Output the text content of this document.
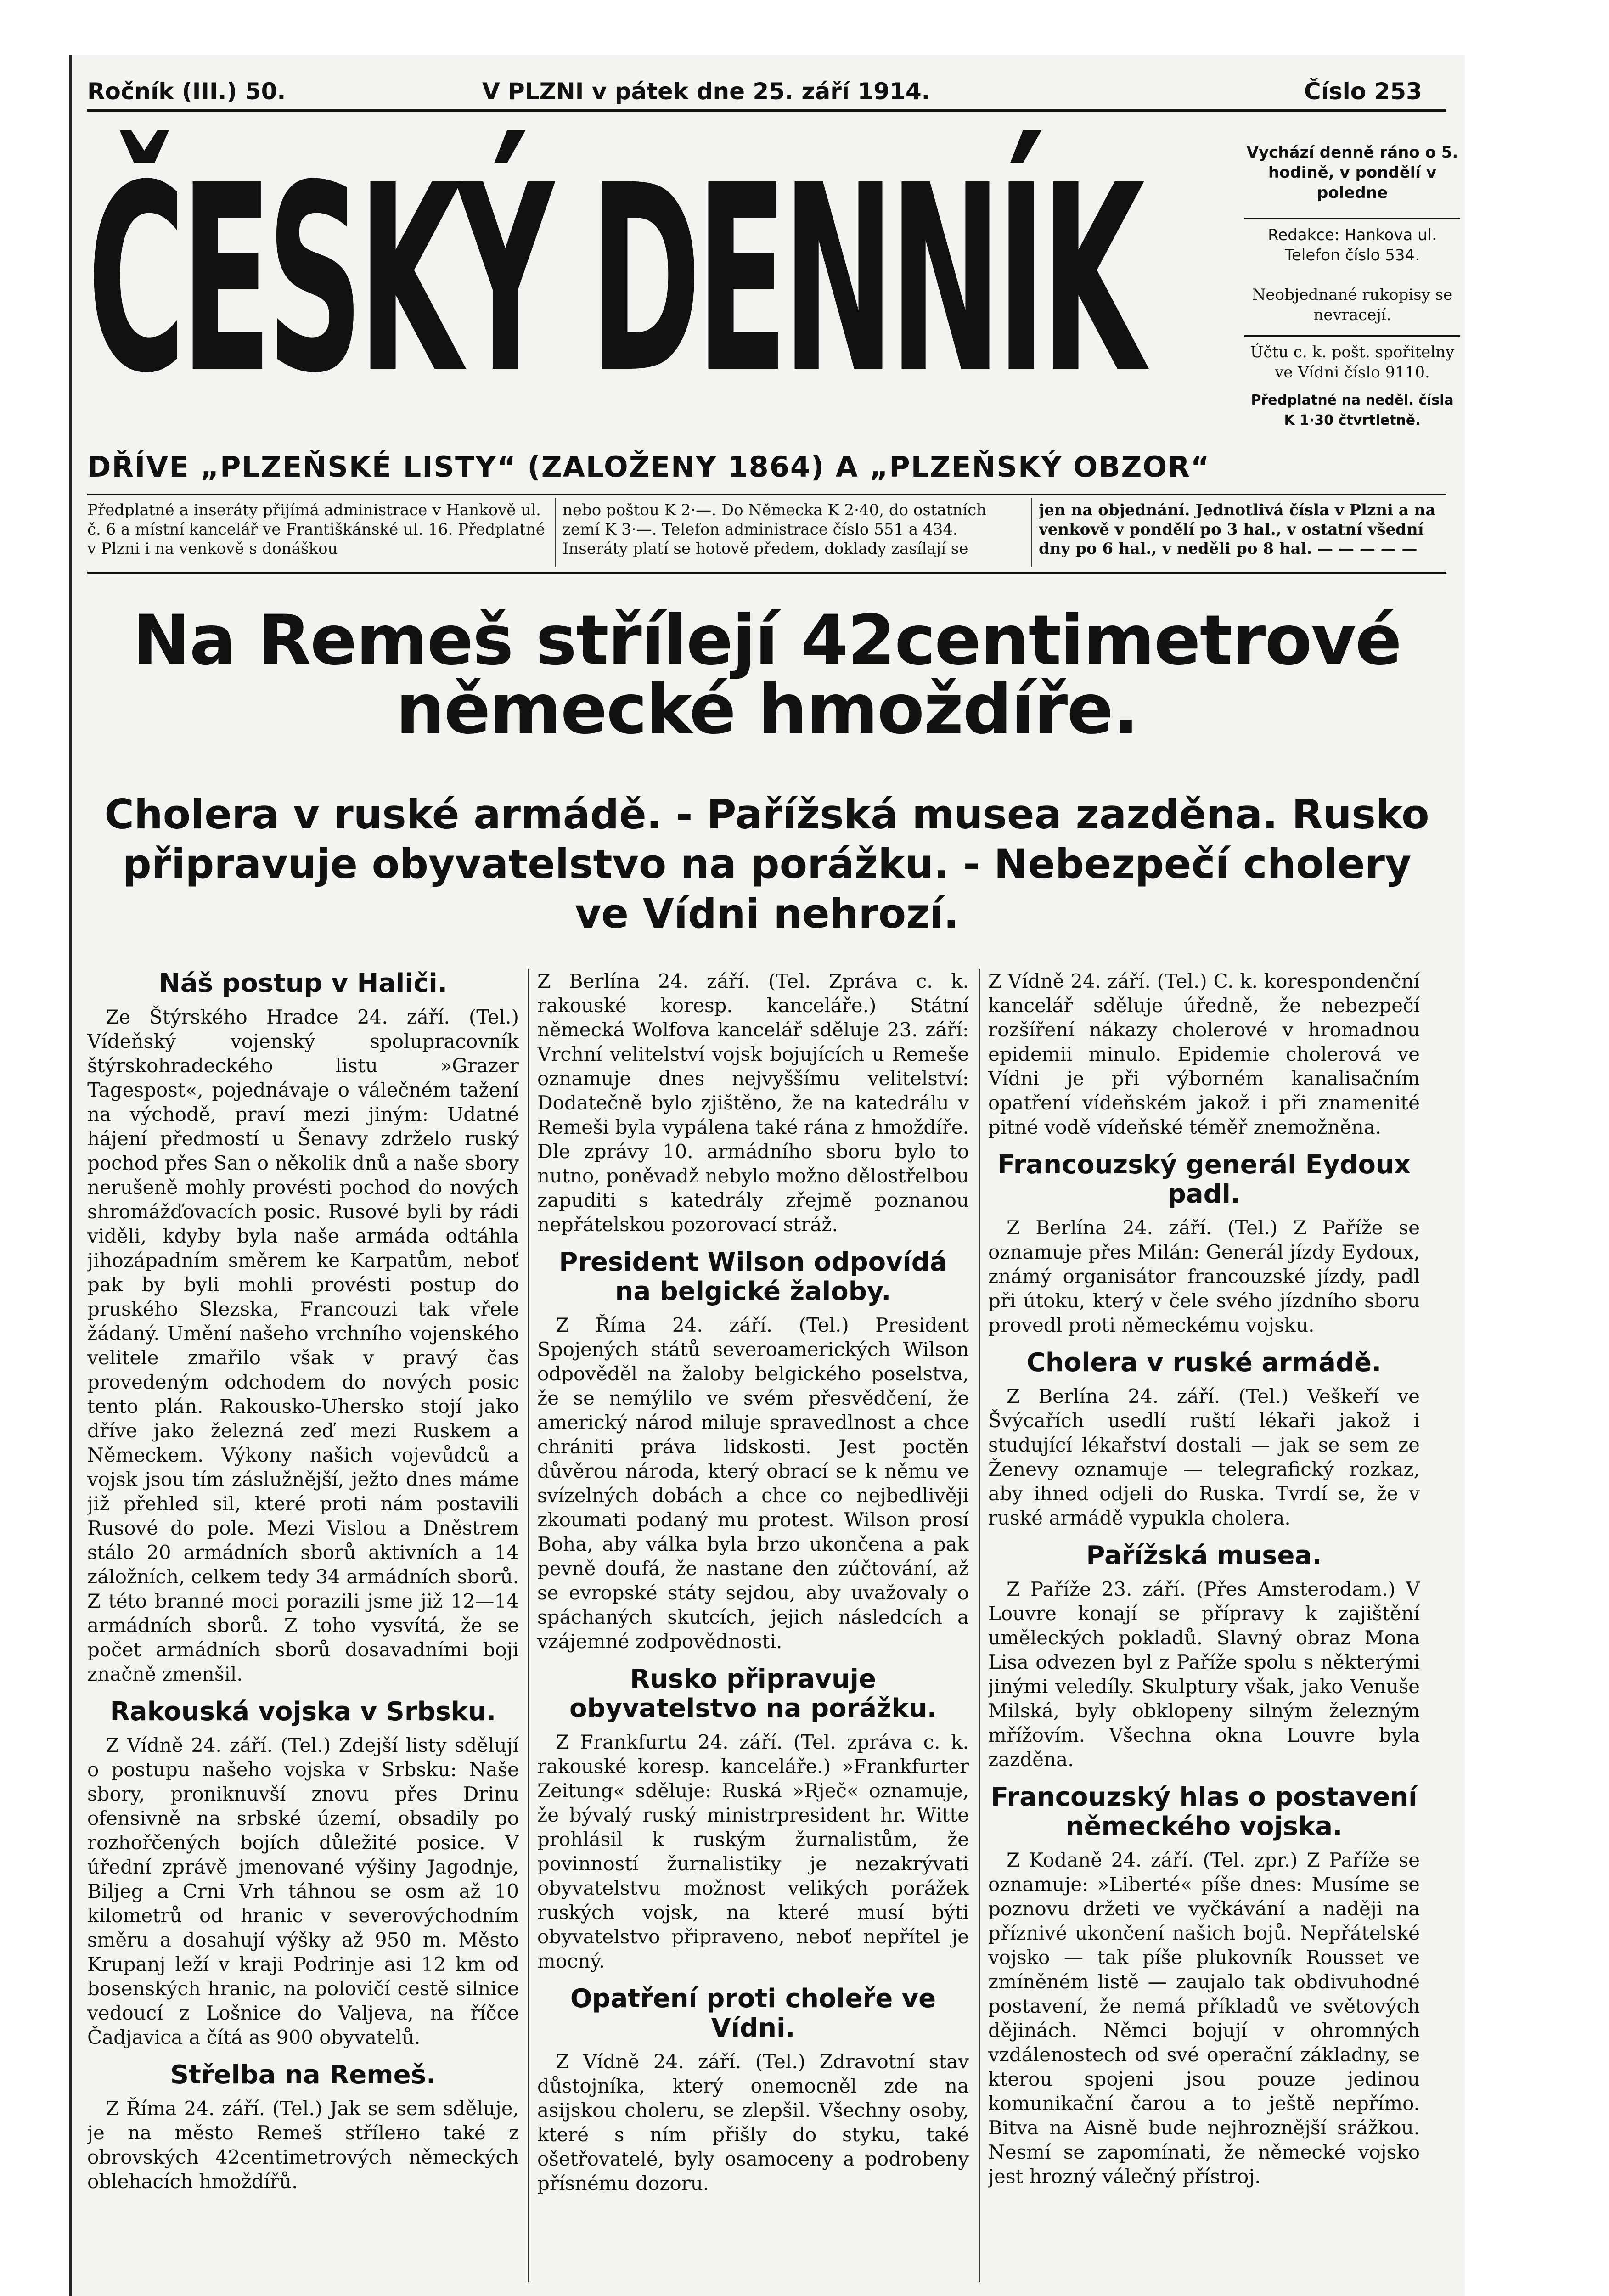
Ročník (III.) 50.	V PLZNI v pátek dne 25. září 1914.	Číslo 253
ČESKÝ DENNÍK
DŘÍVE „PLZEŇSKÉ LISTY“ (ZALOŽENY 1864) A „PLZEŇSKÝ OBZOR“
Vychází denně ráno o 5. hodině, v pondělí v poledne
Redakce: Hankova ul. Telefon číslo 534.
Neobjednané rukopisy se nevracejí.
Účtu c. k. pošt. spořitelny ve Vídni číslo 9110.
Předplatné na neděl. čísla K 1·30 čtvrtletně.
Předplatné a inseráty přijímá administrace v Hankově ul. č. 6 a místní kancelář ve Františkánské ul. 16. Předplatné v Plzni i na venkově s donáškou
nebo poštou K 2·—. Do Německa K 2·40, do ostatních zemí K 3·—. Telefon administrace číslo 551 a 434. Inseráty platí se hotově předem, doklady zasílají se
jen na objednání. Jednotlivá čísla v Plzni a na venkově v pondělí po 3 hal., v ostatní všední dny po 6 hal., v neděli po 8 hal. — — — — —
Na Remeš střílejí 42centimetrové německé hmoždíře.
Cholera v ruské armádě. - Pařížská musea zazděna. Rusko připravuje obyvatelstvo na porážku. - Nebezpečí cholery ve Vídni nehrozí.
Náš postup v Haliči.

Ze Štýrského Hradce 24. září. (Tel.) Vídeňský vojenský spolupracovník štýrskohradeckého listu »Grazer Tagespost«, pojednávaje o válečném tažení na východě, praví mezi jiným: Udatné hájení předmostí u Šenavy zdrželo ruský pochod přes San o několik dnů a naše sbory nerušeně mohly provésti pochod do nových shromážďovacích posic. Rusové byli by rádi viděli, kdyby byla naše armáda odtáhla jihozápadním směrem ke Karpatům, neboť pak by byli mohli provésti postup do pruského Slezska, Francouzi tak vřele žádaný. Umění našeho vrchního vojenského velitele zmařilo však v pravý čas provedeným odchodem do nových posic tento plán. Rakousko-Uhersko stojí jako dříve jako železná zeď mezi Ruskem a Německem. Výkony našich vojevůdců a vojsk jsou tím záslužnější, ježto dnes máme již přehled sil, které proti nám postavili Rusové do pole. Mezi Vislou a Dněstrem stálo 20 armádních sborů aktivních a 14 záložních, celkem tedy 34 armádních sborů. Z této branné moci porazili jsme již 12—14 armádních sborů. Z toho vysvítá, že se počet armádních sborů dosavadními boji značně zmenšil.

Rakouská vojska v Srbsku.

Z Vídně 24. září. (Tel.) Zdejší listy sdělují o postupu našeho vojska v Srbsku: Naše sbory, proniknuvší znovu přes Drinu ofensivně na srbské území, obsadily po rozhořčených bojích důležité posice. V úřední zprávě jmenované výšiny Jagodnje, Bilјeg a Crni Vrh táhnou se osm až 10 kilometrů od hranic v severovýchodním směru a dosahují výšky až 950 m. Město Krupanj leží v kraji Podrinje asi 12 km od bosenských hranic, na polovičí cestě silnice vedoucí z Lošnice do Valjeva, na říčce Čadjavica a čítá as 900 obyvatelů.

Střelba na Remeš.

Z Říma 24. září. (Tel.) Jak se sem sděluje, je na město Remeš střílено také z obrovských 42centimetrových německých oblehacích hmoždířů.

Z Berlína 24. září. (Tel. Zpráva c. k. rakouské koresp. kanceláře.) Státní německá Wolfova kancelář sděluje 23. září: Vrchní velitelství vojsk bojujících u Remeše oznamuje dnes nejvyššímu velitelství: Dodatečně bylo zjištěno, že na katedrálu v Remeši byla vypálena také rána z hmoždíře. Dle zprávy 10. armádního sboru bylo to nutno, poněvadž nebylo možno dělostřelbou zapuditi s katedrály zřejmě poznanou nepřátelskou pozorovací stráž.

President Wilson odpovídá na belgické žaloby.

Z Říma 24. září. (Tel.) President Spojených států severoamerických Wilson odpověděl na žaloby belgického poselstva, že se nemýlilo ve svém přesvědčení, že americký národ miluje spravedlnost a chce chrániti práva lidskosti. Jest poctěn důvěrou národa, který obrací se k němu ve svízelných dobách a chce co nejbedlivěji zkoumati podaný mu protest. Wilson prosí Boha, aby válka byla brzo ukončena a pak pevně doufá, že nastane den zúčtování, až se evropské státy sejdou, aby uvažovaly o spáchaných skutcích, jejich následcích a vzájemné zodpovědnosti.

Rusko připravuje obyvatelstvo na porážku.

Z Frankfurtu 24. září. (Tel. zpráva c. k. rakouské koresp. kanceláře.) »Frankfurter Zeitung« sděluje: Ruská »Rječ« oznamuje, že bývalý ruský ministrpresident hr. Witte prohlásil k ruským žurnalistům, že povinností žurnalistiky je nezakrývati obyvatelstvu možnost velikých porážek ruských vojsk, na které musí býti obyvatelstvo připraveno, neboť nepřítel je mocný.

Opatření proti choleře ve Vídni.

Z Vídně 24. září. (Tel.) Zdravotní stav důstojníka, který onemocněl zde na asijskou choleru, se zlepšil. Všechny osoby, které s ním přišly do styku, také ošetřovatelé, byly osamoceny a podrobeny přísnému dozoru.

Z Vídně 24. září. (Tel.) C. k. korespondenční kancelář sděluje úředně, že nebezpečí rozšíření nákazy cholerové v hromadnou epidemii minulo. Epidemie cholerová ve Vídni je při výborném kanalisačním opatření vídeňském jakož i při znamenité pitné vodě vídeňské téměř znemožněna.

Francouzský generál Eydoux padl.

Z Berlína 24. září. (Tel.) Z Paříže se oznamuje přes Milán: Generál jízdy Eydoux, známý organisátor francouzské jízdy, padl při útoku, který v čele svého jízdního sboru provedl proti německému vojsku.

Cholera v ruské armádě.

Z Berlína 24. září. (Tel.) Veškeří ve Švýcařích usedlí ruští lékaři jakož i studující lékařství dostali — jak se sem ze Ženevy oznamuje — telegrafický rozkaz, aby ihned odjeli do Ruska. Tvrdí se, že v ruské armádě vypukla cholera.

Pařížská musea.

Z Paříže 23. září. (Přes Amsterodam.) V Louvre konají se přípravy k zajištění uměleckých pokladů. Slavný obraz Mona Lisa odvezen byl z Paříže spolu s některými jinými veledíly. Skulptury však, jako Venuše Milská, byly obklopeny silným železným mřížovím. Všechna okna Louvre byla zazděna.

Francouzský hlas o postavení německého vojska.

Z Kodaně 24. září. (Tel. zpr.) Z Paříže se oznamuje: »Liberté« píše dnes: Musíme se poznovu držeti ve vyčkávání a naději na příznivé ukončení našich bojů. Nepřátelské vojsko — tak píše plukovník Rousset ve zmíněném listě — zaujalo tak obdivuhodné postavení, že nemá příkladů ve světových dějinách. Němci bojují v ohromných vzdálenostech od své operační základny, se kterou spojeni jsou pouze jedinou komunikační čarou a to ještě nepřímo. Bitva na Aisně bude nejhroznější srážkou. Nesmí se zapomínati, že německé vojsko jest hrozný válečný přístroj.
